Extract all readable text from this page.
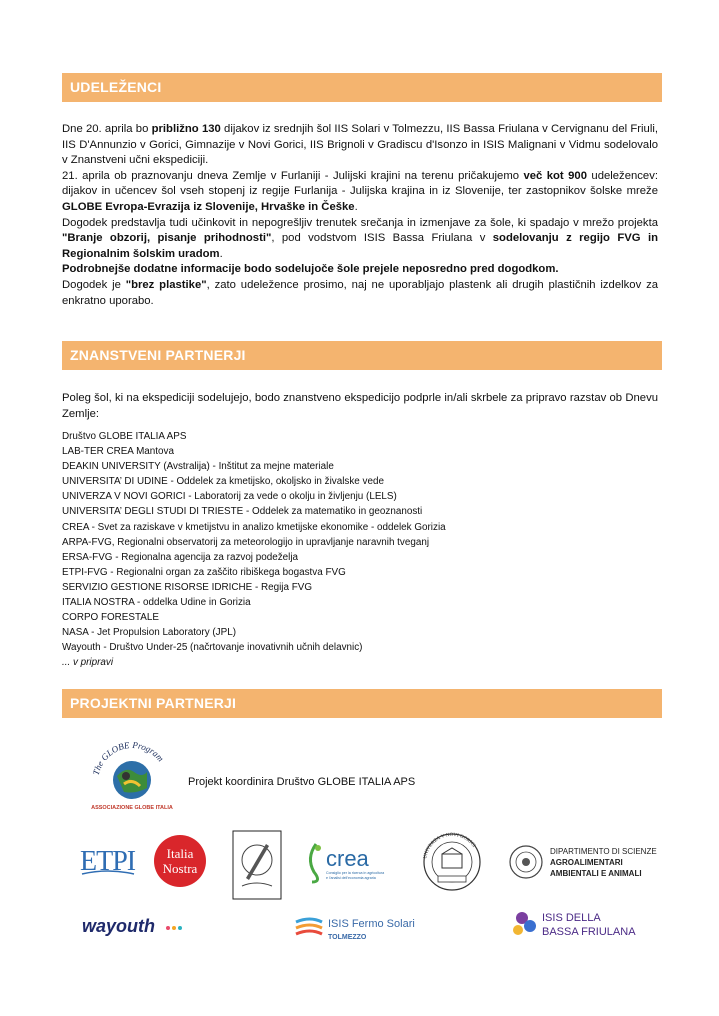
UDELEŽENCI

Dne 20. aprila bo približno 130 dijakov iz srednjih šol IIS Solari v Tolmezzu, IIS Bassa Friulana v Cervignanu del Friuli, IIS D'Annunzio v Gorici, Gimnazije v Novi Gorici, IIS Brignoli v Gradiscu d'Isonzo in ISIS Malignani v Vidmu sodelovalo v Znanstveni učni ekspediciji.

21. aprila ob praznovanju dneva Zemlje v Furlaniji - Julijski krajini na terenu pričakujemo več kot 900 udeležencev: dijakov in učencev šol vseh stopenj iz regije Furlanija - Julijska krajina in iz Slovenije, ter zastopnikov šolske mreže GLOBE Evropa-Evrazija iz Slovenije, Hrvaške in Češke.

Dogodek predstavlja tudi učinkovit in nepogrešljiv trenutek srečanja in izmenjave za šole, ki spadajo v mrežo projekta "Branje obzorij, pisanje prihodnosti", pod vodstvom ISIS Bassa Friulana v sodelovanju z regijo FVG in Regionalnim šolskim uradom.

Podrobnejše dodatne informacije bodo sodelujoče šole prejele neposredno pred dogodkom.

Dogodek je "brez plastike", zato udeležence prosimo, naj ne uporabljajo plastenk ali drugih plastičnih izdelkov za enkratno uporabo.

ZNANSTVENI PARTNERJI
Poleg šol, ki na ekspediciji sodelujejo, bodo znanstveno ekspedicijo podprle in/ali skrbele za pripravo razstav ob Dnevu Zemlje:
Društvo GLOBE ITALIA APS
LAB-TER CREA Mantova
DEAKIN UNIVERSITY (Avstralija) - Inštitut za mejne materiale
UNIVERSITA’ DI UDINE - Oddelek za kmetijsko, okoljsko in živalske vede
UNIVERZA V NOVI GORICI - Laboratorij za vede o okolju in življenju (LELS)
UNIVERSITA’ DEGLI STUDI DI TRIESTE - Oddelek za matematiko in geoznanosti
CREA - Svet za raziskave v kmetijstvu in analizo kmetijske ekonomike - oddelek Gorizia
ARPA-FVG, Regionalni observatorij za meteorologijo in upravljanje naravnih tveganj
ERSA-FVG - Regionalna agencija za razvoj podeželja
ETPI-FVG - Regionalni organ za zaščito ribiškega bogastva FVG
SERVIZIO GESTIONE RISORSE IDRICHE - Regija FVG
ITALIA NOSTRA - oddelka Udine in Gorizia
CORPO FORESTALE
NASA - Jet Propulsion Laboratory (JPL)
Wayouth - Društvo Under-25 (načrtovanje inovativnih učnih delavnic)
... v pripravi
PROJEKTNI PARTNERJI
The GLOBE Program
ASSOCIAZIONE GLOBE ITALIA
Projekt koordinira Društvo GLOBE ITALIA APS
ETPI Italia
Nostra	crea
Consiglio per la ricerca in agricoltura
e l'analisi dell'economia agraria
UNIVERZA V NOVI GORICI
DIPARTIMENTO DI SCIENZE
AGROALIMENTARI
AMBIENTALI E ANIMALI
wayouth	ISIS Fermo Solari
TOLMEZZO
ISIS DELLA
BASSA FRIULANA
